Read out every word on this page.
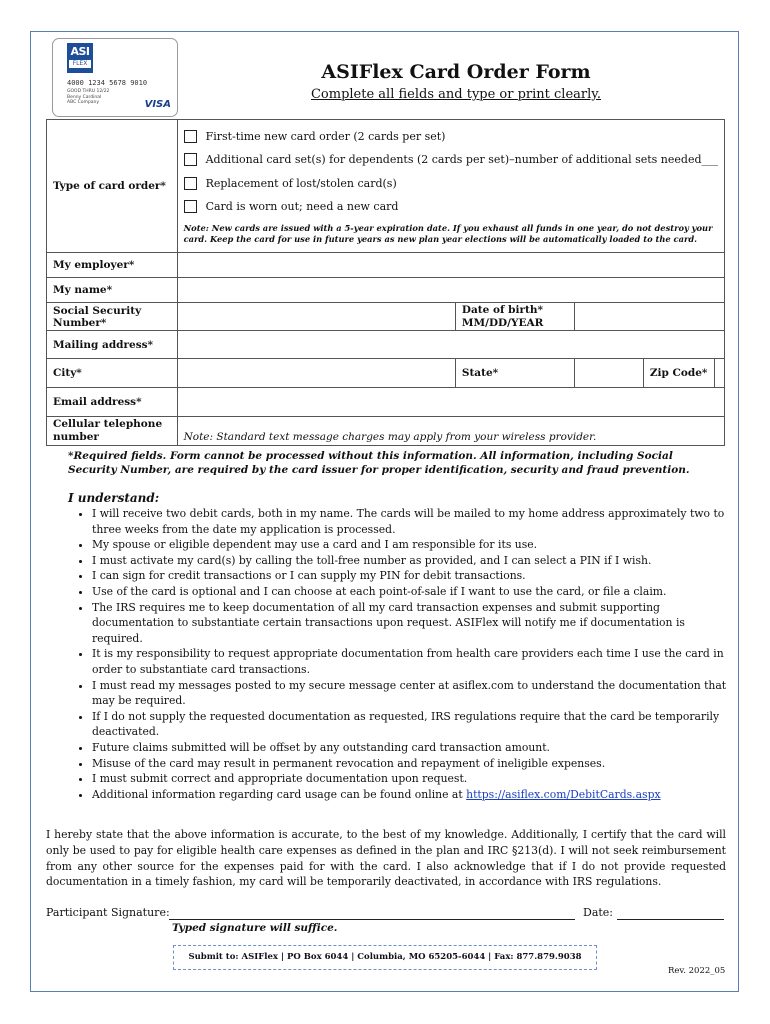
ASI
FLEX
4000 1234 5678 9010
GOOD THRU 12/22
Benny Cardinal
ABC Company	VISA
ASIFlex Card Order Form
Complete all fields and type or print clearly.
Type of card order*	First-time new card order (2 cards per set)
Additional card set(s) for dependents (2 cards per set)–number of additional sets needed___
Replacement of lost/stolen card(s)
Card is worn out; need a new card
Note: New cards are issued with a 5-year expiration date. If you exhaust all funds in one year, do not destroy your card. Keep the card for use in future years as new plan year elections will be automatically loaded to the card.			

My employer*				
My name*				
Social Security Number*		Date of birth*
MM/DD/YEAR		

Mailing address*				
City*		State*		Zip Code*

Email address*				
Cellular telephone number	Note: Standard text message charges may apply from your wireless provider.			
*Required fields. Form cannot be processed without this information. All information, including Social Security Number, are required by the card issuer for proper identification, security and fraud prevention.
I understand:
• I will receive two debit cards, both in my name. The cards will be mailed to my home address approximately two to three weeks from the date my application is processed.
• My spouse or eligible dependent may use a card and I am responsible for its use.
• I must activate my card(s) by calling the toll-free number as provided, and I can select a PIN if I wish.
• I can sign for credit transactions or I can supply my PIN for debit transactions.
• Use of the card is optional and I can choose at each point-of-sale if I want to use the card, or file a claim.
• The IRS requires me to keep documentation of all my card transaction expenses and submit supporting documentation to substantiate certain transactions upon request. ASIFlex will notify me if documentation is required.
• It is my responsibility to request appropriate documentation from health care providers each time I use the card in order to substantiate card transactions.
• I must read my messages posted to my secure message center at asiflex.com to understand the documentation that may be required.
• If I do not supply the requested documentation as requested, IRS regulations require that the card be temporarily deactivated.
• Future claims submitted will be offset by any outstanding card transaction amount.
• Misuse of the card may result in permanent revocation and repayment of ineligible expenses.
• I must submit correct and appropriate documentation upon request.
• Additional information regarding card usage can be found online at https://asiflex.com/DebitCards.aspx
I hereby state that the above information is accurate, to the best of my knowledge. Additionally, I certify that the card will only be used to pay for eligible health care expenses as defined in the plan and IRC §213(d). I will not seek reimbursement from any other source for the expenses paid for with the card. I also acknowledge that if I do not provide requested documentation in a timely fashion, my card will be temporarily deactivated, in accordance with IRS regulations.
Participant Signature:	Date:
Typed signature will suffice.
Submit to: ASIFlex | PO Box 6044 | Columbia, MO 65205-6044 | Fax: 877.879.9038
Rev. 2022_05
